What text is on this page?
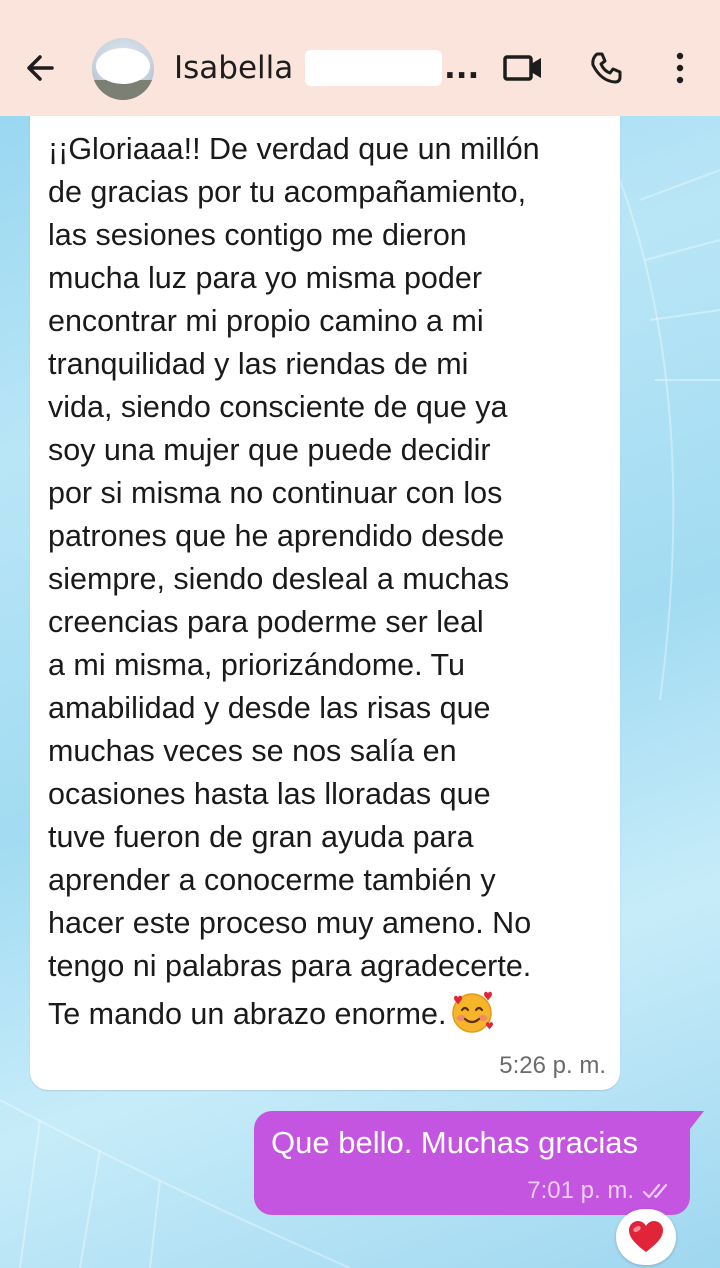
Isabella	...
¡¡Gloriaaa!! De verdad que un millón
de gracias por tu acompañamiento,
las sesiones contigo me dieron
mucha luz para yo misma poder
encontrar mi propio camino a mi
tranquilidad y las riendas de mi
vida, siendo consciente de que ya
soy una mujer que puede decidir
por si misma no continuar con los
patrones que he aprendido desde
siempre, siendo desleal a muchas
creencias para poderme ser leal
a mi misma, priorizándome. Tu
amabilidad y desde las risas que
muchas veces se nos salía en
ocasiones hasta las lloradas que
tuve fueron de gran ayuda para
aprender a conocerme también y
hacer este proceso muy ameno. No
tengo ni palabras para agradecerte.
Te mando un abrazo enorme.
5:26 p. m.
Que bello. Muchas gracias
7:01 p. m.
